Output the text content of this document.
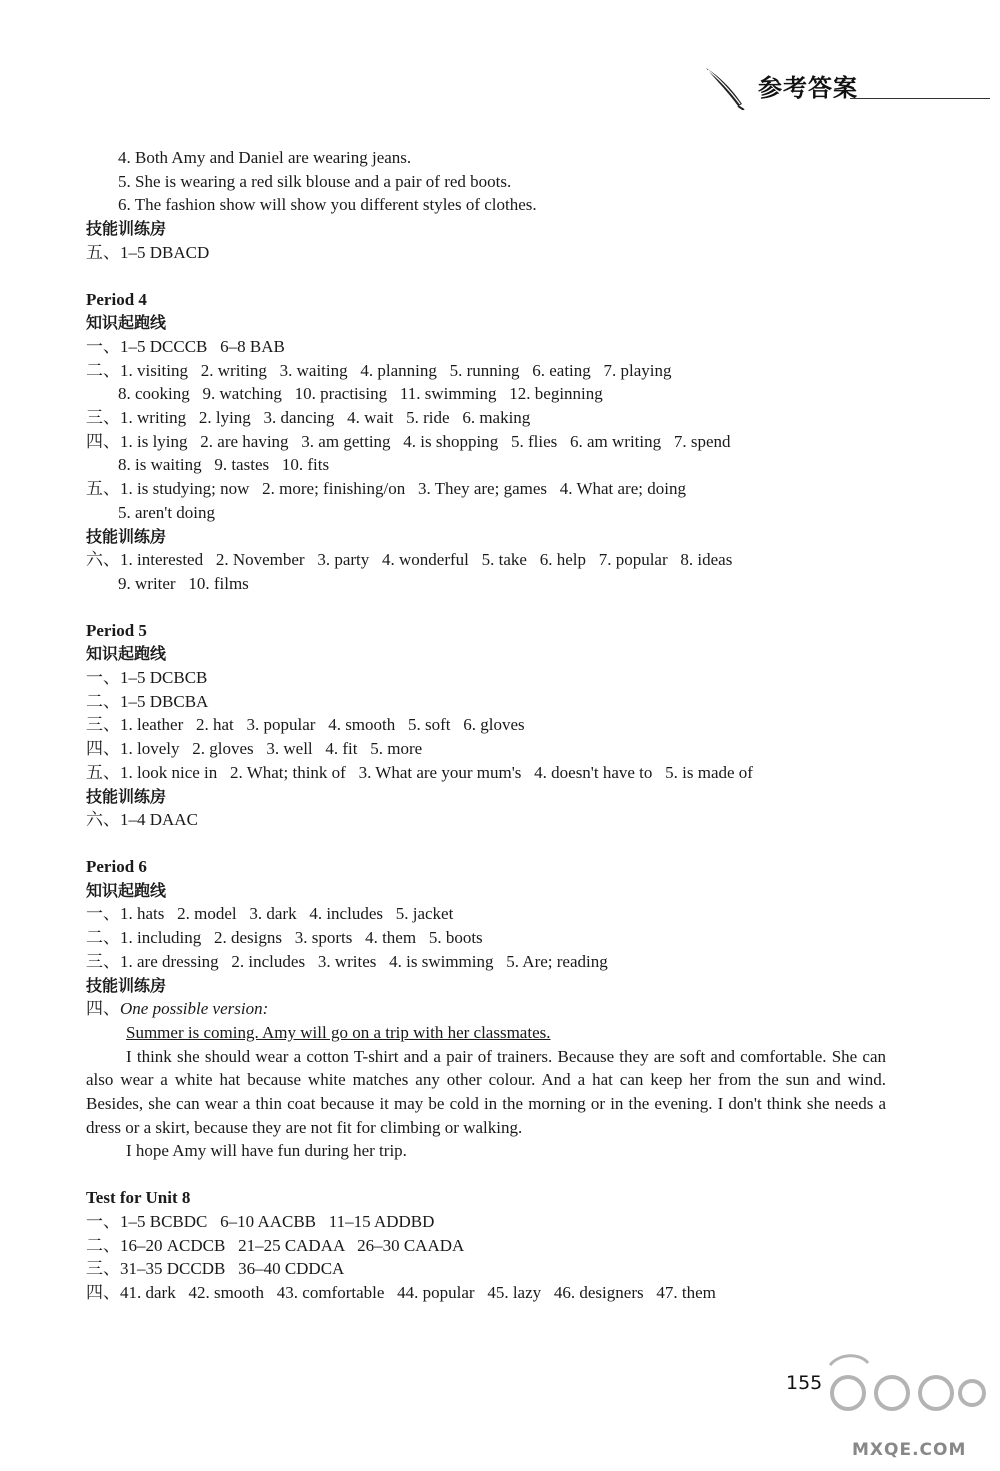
参考答案

4. Both Amy and Daniel are wearing jeans.

5. She is wearing a red silk blouse and a pair of red boots.

6. The fashion show will show you different styles of clothes.

技能训练房

五、1–5 DBACD

Period 4

知识起跑线

一、1–5 DCCCB   6–8 BAB

二、1. visiting   2. writing   3. waiting   4. planning   5. running   6. eating   7. playing

8. cooking   9. watching   10. practising   11. swimming   12. beginning

三、1. writing   2. lying   3. dancing   4. wait   5. ride   6. making

四、1. is lying   2. are having   3. am getting   4. is shopping   5. flies   6. am writing   7. spend

8. is waiting   9. tastes   10. fits

五、1. is studying; now   2. more; finishing/on   3. They are; games   4. What are; doing

5. aren't doing

技能训练房

六、1. interested   2. November   3. party   4. wonderful   5. take   6. help   7. popular   8. ideas

9. writer   10. films

Period 5

知识起跑线

一、1–5 DCBCB

二、1–5 DBCBA

三、1. leather   2. hat   3. popular   4. smooth   5. soft   6. gloves

四、1. lovely   2. gloves   3. well   4. fit   5. more

五、1. look nice in   2. What; think of   3. What are your mum's   4. doesn't have to   5. is made of

技能训练房

六、1–4 DAAC

Period 6

知识起跑线

一、1. hats   2. model   3. dark   4. includes   5. jacket

二、1. including   2. designs   3. sports   4. them   5. boots

三、1. are dressing   2. includes   3. writes   4. is swimming   5. Are; reading

技能训练房

四、One possible version:

Summer is coming. Amy will go on a trip with her classmates.

I think she should wear a cotton T-shirt and a pair of trainers. Because they are soft and comfortable. She can also wear a white hat because white matches any other colour. And a hat can keep her from the sun and wind. Besides, she can wear a thin coat because it may be cold in the morning or in the evening. I don't think she needs a dress or a skirt, because they are not fit for climbing or walking.

I hope Amy will have fun during her trip.

Test for Unit 8

一、1–5 BCBDC   6–10 AACBB   11–15 ADDBD

二、16–20 ACDCB   21–25 CADAA   26–30 CAADA

三、31–35 DCCDB   36–40 CDDCA

四、41. dark   42. smooth   43. comfortable   44. popular   45. lazy   46. designers   47. them

155
MXQE.COM
